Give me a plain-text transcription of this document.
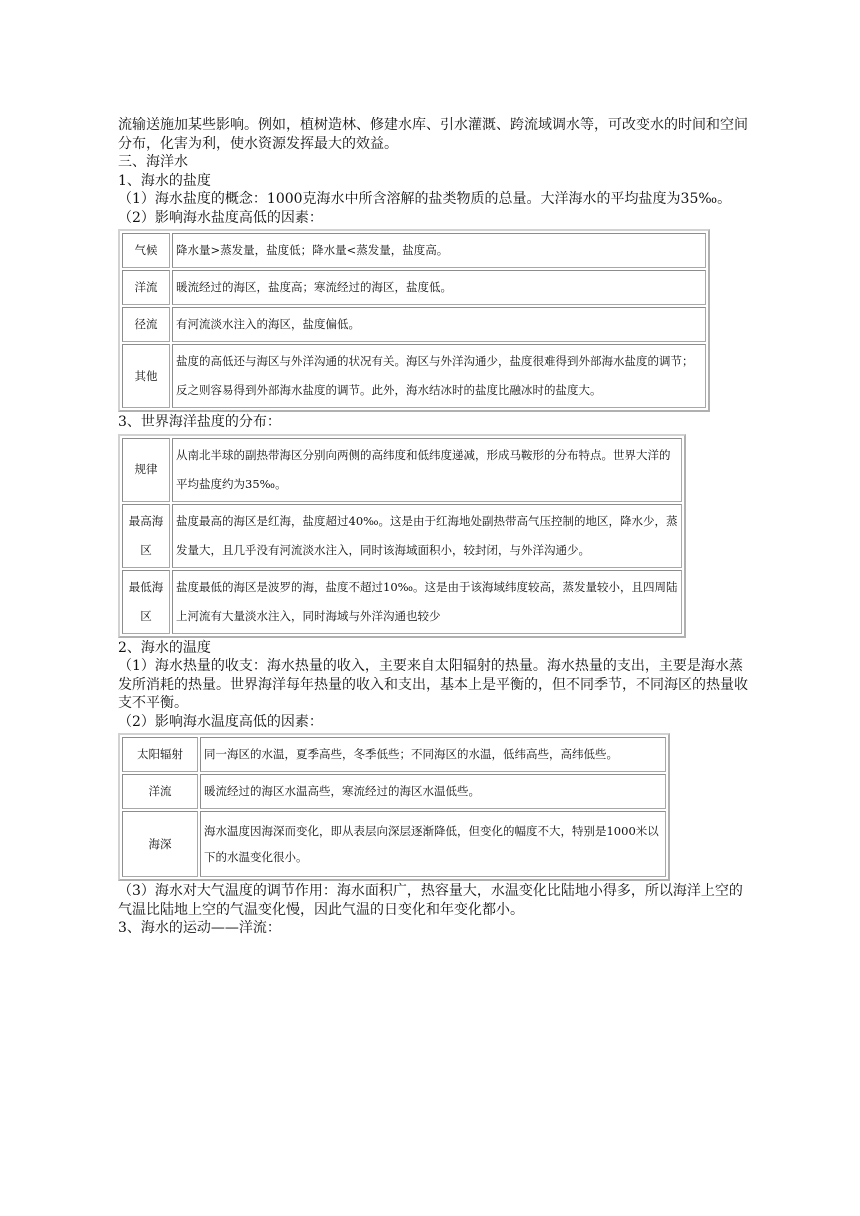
流输送施加某些影响。例如，植树造林、修建水库、引水灌溉、跨流域调水等，可改变水的时间和空间分布，化害为利，使水资源发挥最大的效益。

三、海洋水

1、海水的盐度

（1）海水盐度的概念：1000克海水中所含溶解的盐类物质的总量。大洋海水的平均盐度为35‰。

（2）影响海水盐度高低的因素：

气候	降水量>蒸发量，盐度低；降水量<蒸发量，盐度高。
洋流	暖流经过的海区，盐度高；寒流经过的海区，盐度低。
径流	有河流淡水注入的海区，盐度偏低。
其他	盐度的高低还与海区与外洋沟通的状况有关。海区与外洋沟通少，盐度很难得到外部海水盐度的调节；反之则容易得到外部海水盐度的调节。此外，海水结冰时的盐度比融冰时的盐度大。

3、世界海洋盐度的分布：

规律	从南北半球的副热带海区分别向两侧的高纬度和低纬度递减，形成马鞍形的分布特点。世界大洋的平均盐度约为35‰。
最高海区	盐度最高的海区是红海，盐度超过40‰。这是由于红海地处副热带高气压控制的地区，降水少，蒸发量大，且几乎没有河流淡水注入，同时该海域面积小，较封闭，与外洋沟通少。
最低海区	盐度最低的海区是波罗的海，盐度不超过10‰。这是由于该海域纬度较高，蒸发量较小，且四周陆上河流有大量淡水注入，同时海域与外洋沟通也较少

2、海水的温度

（1）海水热量的收支：海水热量的收入，主要来自太阳辐射的热量。海水热量的支出，主要是海水蒸发所消耗的热量。世界海洋每年热量的收入和支出，基本上是平衡的，但不同季节，不同海区的热量收支不平衡。

（2）影响海水温度高低的因素：

太阳辐射	同一海区的水温，夏季高些，冬季低些；不同海区的水温，低纬高些，高纬低些。
洋流	暖流经过的海区水温高些，寒流经过的海区水温低些。
海深	海水温度因海深而变化，即从表层向深层逐渐降低，但变化的幅度不大，特别是1000米以下的水温变化很小。

（3）海水对大气温度的调节作用：海水面积广，热容量大，水温变化比陆地小得多，所以海洋上空的气温比陆地上空的气温变化慢，因此气温的日变化和年变化都小。

3、海水的运动——洋流：
